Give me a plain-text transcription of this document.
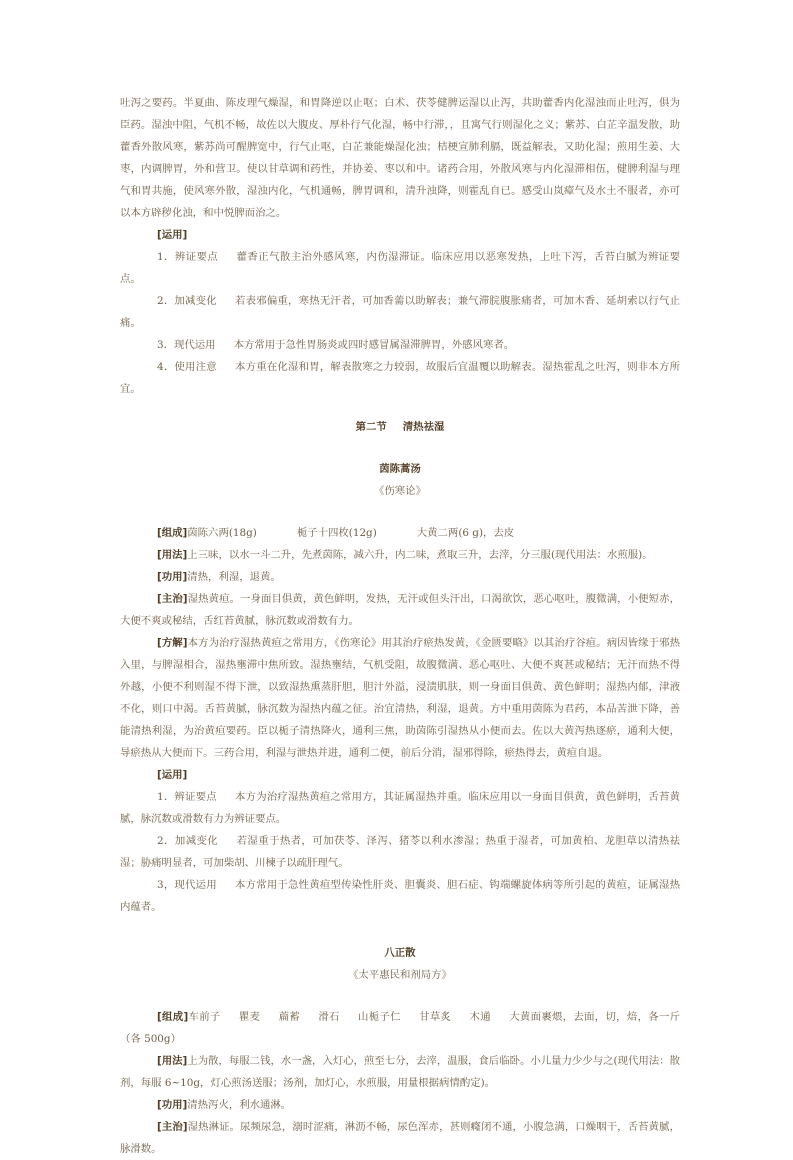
吐泻之要药。半夏曲、陈皮理气燥湿，和胃降逆以止呕；白术、茯苓健脾运湿以止泻，共助藿香内化湿浊而止吐泻，俱为臣药。湿浊中阻，气机不畅，故佐以大腹皮、厚朴行气化湿，畅中行滞，，且寓气行则湿化之义；紫苏、白芷辛温发散，助藿香外散风寒，紫苏尚可醒脾宽中，行气止呕，白芷兼能燥湿化浊；桔梗宣肺利膈，既益解表，又助化湿；煎用生姜、大枣，内调脾胃，外和营卫。使以甘草调和药性，并协姜、枣以和中。诸药合用，外散风寒与内化湿滞相伍，健脾利湿与理气和胃共施，使风寒外散，湿浊内化，气机通畅，脾胃调和，清升浊降，则霍乱自已。感受山岚瘴气及水土不服者，亦可以本方辟秽化浊，和中悦脾而治之。

[运用]

1．辨证要点 藿香正气散主治外感风寒，内伤湿滞证。临床应用以恶寒发热，上吐下泻，舌苔白腻为辨证要点。

2．加减变化 若表邪偏重，寒热无汗者，可加香薷以助解表；兼气滞脘腹胀痛者，可加木香、延胡索以行气止痛。

3．现代运用 本方常用于急性胃肠炎或四时感冒属湿滞脾胃，外感风寒者。

4．使用注意 本方重在化湿和胃，解表散寒之力较弱，故服后宜温覆以助解表。湿热霍乱之吐泻，则非本方所宜。

第二节 清热祛湿
茵陈蒿汤
《伤寒论》

[组成]茵陈六两(18g)	栀子十四枚(12g)	大黄二两(6 g)，去皮

[用法]上三味，以水一斗二升，先煮茵陈，减六升，内二味，煮取三升，去滓，分三服(现代用法：水煎服)。

[功用]清热，利湿，退黄。

[主治]湿热黄疸。一身面目俱黄，黄色鲜明，发热，无汗或但头汗出，口渴欲饮，恶心呕吐，腹微满，小便短赤，大便不爽或秘结，舌红苔黄腻，脉沉数或滑数有力。

[方解]本方为治疗湿热黄疸之常用方，《伤寒论》用其治疗瘀热发黄，《金匮要略》以其治疗谷疸。病因皆缘于邪热入里，与脾湿相合，湿热壅滞中焦所致。湿热壅结，气机受阻，故腹微满、恶心呕吐、大便不爽甚或秘结；无汗而热不得外越，小便不利则湿不得下泄，以致湿热熏蒸肝胆，胆汁外溢，浸渍肌肤，则一身面目俱黄、黄色鲜明；湿热内郁，津液不化，则口中渴。舌苔黄腻，脉沉数为湿热内蕴之征。治宜清热，利湿，退黄。方中重用茵陈为君药，本品苦泄下降，善能清热利湿，为治黄疸要药。臣以栀子清热降火，通利三焦，助茵陈引湿热从小便而去。佐以大黄泻热逐瘀，通利大便，导瘀热从大便而下。三药合用，利湿与泄热并进，通利二便，前后分消，湿邪得除，瘀热得去，黄疸自退。

[运用]

1．辨证要点 本方为治疗湿热黄疸之常用方，其证属湿热并重。临床应用以一身面目俱黄，黄色鲜明，舌苔黄腻，脉沉数或滑数有力为辨证要点。

2．加减变化 若湿重于热者，可加茯苓、泽泻、猪苓以利水渗湿；热重于湿者，可加黄柏、龙胆草以清热祛湿；胁痛明显者，可加柴胡、川楝子以疏肝理气。

3，现代运用 本方常用于急性黄疸型传染性肝炎、胆囊炎、胆石症、钩端螺旋体病等所引起的黄疸，证属湿热内蕴者。

八正散
《太平惠民和剂局方》

[组成]车前子 瞿麦 萹蓄 滑石 山栀子仁 甘草炙 木通 大黄面裹煨，去面，切，焙，各一斤（各 500g）

[用法]上为散，每服二钱，水一盏，入灯心，煎至七分，去滓，温服，食后临卧。小儿量力少少与之(现代用法：散剂，每服 6~10g，灯心煎汤送服；汤剂，加灯心，水煎服，用量根据病情酌定)。

[功用]清热泻火，利水通淋。

[主治]湿热淋证。尿频尿急，溺时涩痛，淋沥不畅，尿色浑赤，甚则癃闭不通，小腹急满，口燥咽干，舌苔黄腻，脉滑数。
